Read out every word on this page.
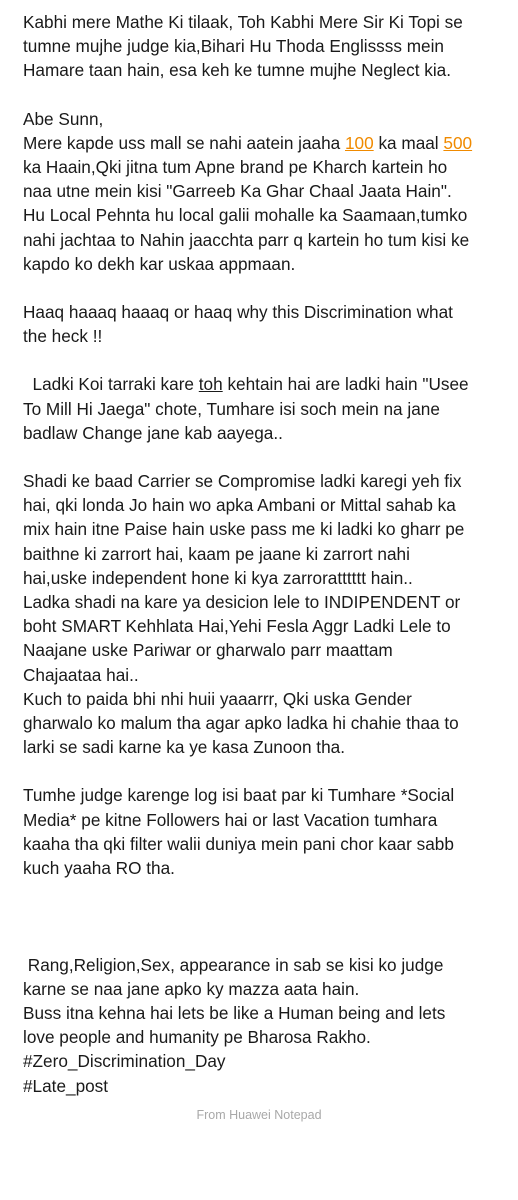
Kabhi mere Mathe Ki tilaak, Toh Kabhi Mere Sir Ki Topi se
tumne mujhe judge kia,Bihari Hu Thoda Englissss mein
Hamare taan hain, esa keh ke tumne mujhe Neglect kia.
Abe Sunn,
Mere kapde uss mall se nahi aatein jaaha 100 ka maal 500
ka Haain,Qki jitna tum Apne brand pe Kharch kartein ho
naa utne mein kisi "Garreeb Ka Ghar Chaal Jaata Hain".
Hu Local Pehnta hu local galii mohalle ka Saamaan,tumko
nahi jachtaa to Nahin jaacchta parr q kartein ho tum kisi ke
kapdo ko dekh kar uskaa appmaan.
Haaq haaaq haaaq or haaq why this Discrimination what
the heck !!
Ladki Koi tarraki kare toh kehtain hai are ladki hain "Usee
To Mill Hi Jaega" chote, Tumhare isi soch mein na jane
badlaw Change jane kab aayega..
Shadi ke baad Carrier se Compromise ladki karegi yeh fix
hai, qki londa Jo hain wo apka Ambani or Mittal sahab ka
mix hain itne Paise hain uske pass me ki ladki ko gharr pe
baithne ki zarrort hai, kaam pe jaane ki zarrort nahi
hai,uske independent hone ki kya zarroratttttt hain..
Ladka shadi na kare ya desicion lele to INDIPENDENT or
boht SMART Kehhlata Hai,Yehi Fesla Aggr Ladki Lele to
Naajane uske Pariwar or gharwalo parr maattam
Chajaataa hai..
Kuch to paida bhi nhi huii yaaarrr, Qki uska Gender
gharwalo ko malum tha agar apko ladka hi chahie thaa to
larki se sadi karne ka ye kasa Zunoon tha.
Tumhe judge karenge log isi baat par ki Tumhare *Social
Media* pe kitne Followers hai or last Vacation tumhara
kaaha tha qki filter walii duniya mein pani chor kaar sabb
kuch yaaha RO tha.

Rang,Religion,Sex, appearance in sab se kisi ko judge
karne se naa jane apko ky mazza aata hain.
Buss itna kehna hai lets be like a Human being and lets
love people and humanity pe Bharosa Rakho.
#Zero_Discrimination_Day
#Late_post
From Huawei Notepad
